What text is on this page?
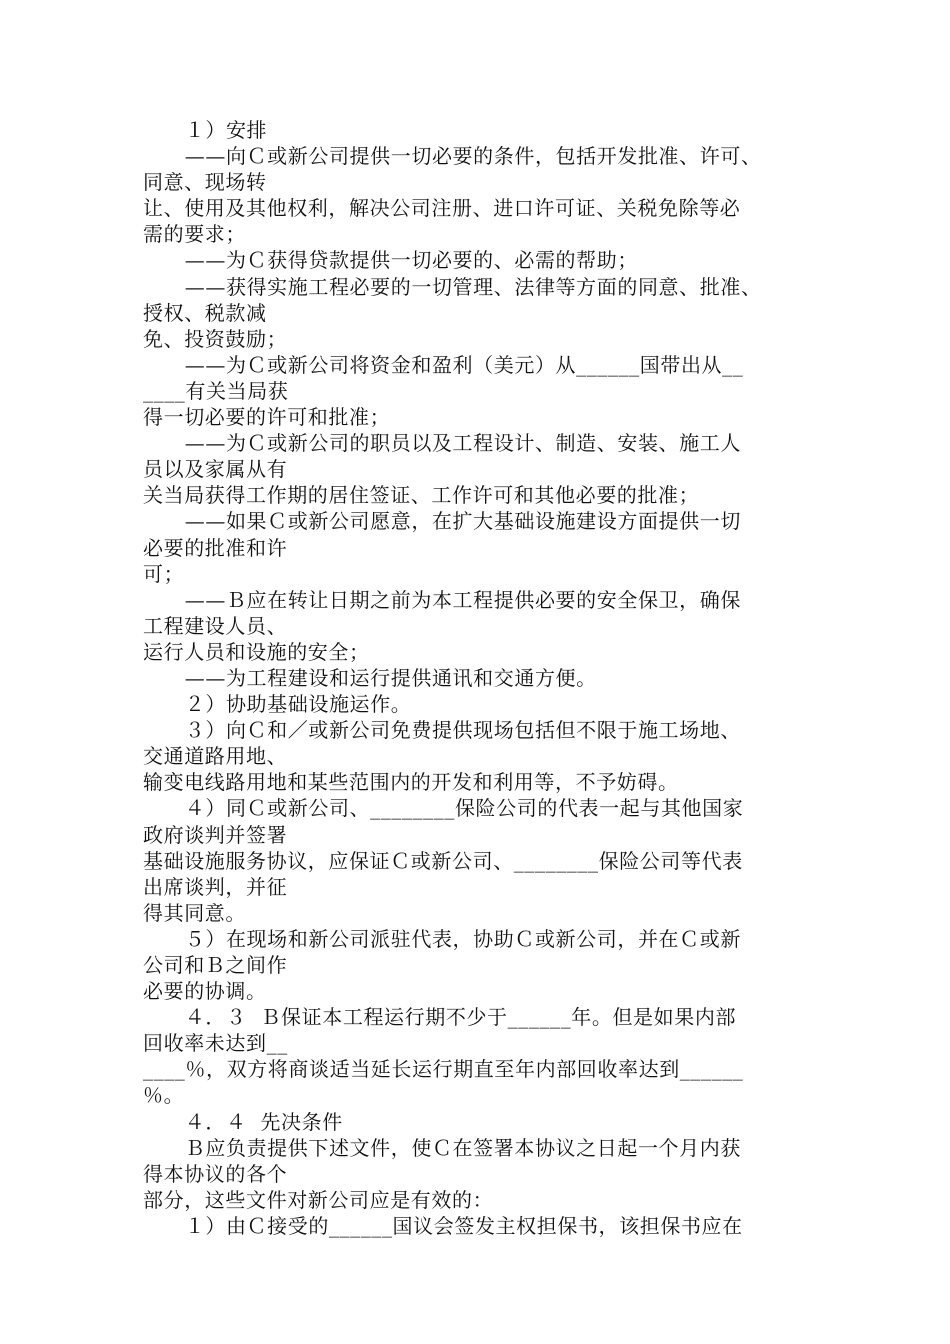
１）安排
——向Ｃ或新公司提供一切必要的条件，包括开发批准、许可、
同意、现场转
让、使用及其他权利，解决公司注册、进口许可证、关税免除等必
需的要求；
——为Ｃ获得贷款提供一切必要的、必需的帮助；
——获得实施工程必要的一切管理、法律等方面的同意、批准、
授权、税款减
免、投资鼓励；
——为Ｃ或新公司将资金和盈利（美元）从______国带出从__
____有关当局获
得一切必要的许可和批准；
——为Ｃ或新公司的职员以及工程设计、制造、安装、施工人
员以及家属从有
关当局获得工作期的居住签证、工作许可和其他必要的批准；
——如果Ｃ或新公司愿意，在扩大基础设施建设方面提供一切
必要的批准和许
可；
——Ｂ应在转让日期之前为本工程提供必要的安全保卫，确保
工程建设人员、
运行人员和设施的安全；
——为工程建设和运行提供通讯和交通方便。
２）协助基础设施运作。
３）向Ｃ和／或新公司免费提供现场包括但不限于施工场地、
交通道路用地、
输变电线路用地和某些范围内的开发和利用等，不予妨碍。
４）同Ｃ或新公司、________保险公司的代表一起与其他国家
政府谈判并签署
基础设施服务协议，应保证Ｃ或新公司、________保险公司等代表
出席谈判，并征
得其同意。
５）在现场和新公司派驻代表，协助Ｃ或新公司，并在Ｃ或新
公司和Ｂ之间作
必要的协调。
４．３  Ｂ保证本工程运行期不少于______年。但是如果内部
回收率未达到__
____％，双方将商谈适当延长运行期直至年内部回收率达到______
％。
４．４  先决条件
Ｂ应负责提供下述文件，使Ｃ在签署本协议之日起一个月内获
得本协议的各个
部分，这些文件对新公司应是有效的：
１）由Ｃ接受的______国议会签发主权担保书，该担保书应在
